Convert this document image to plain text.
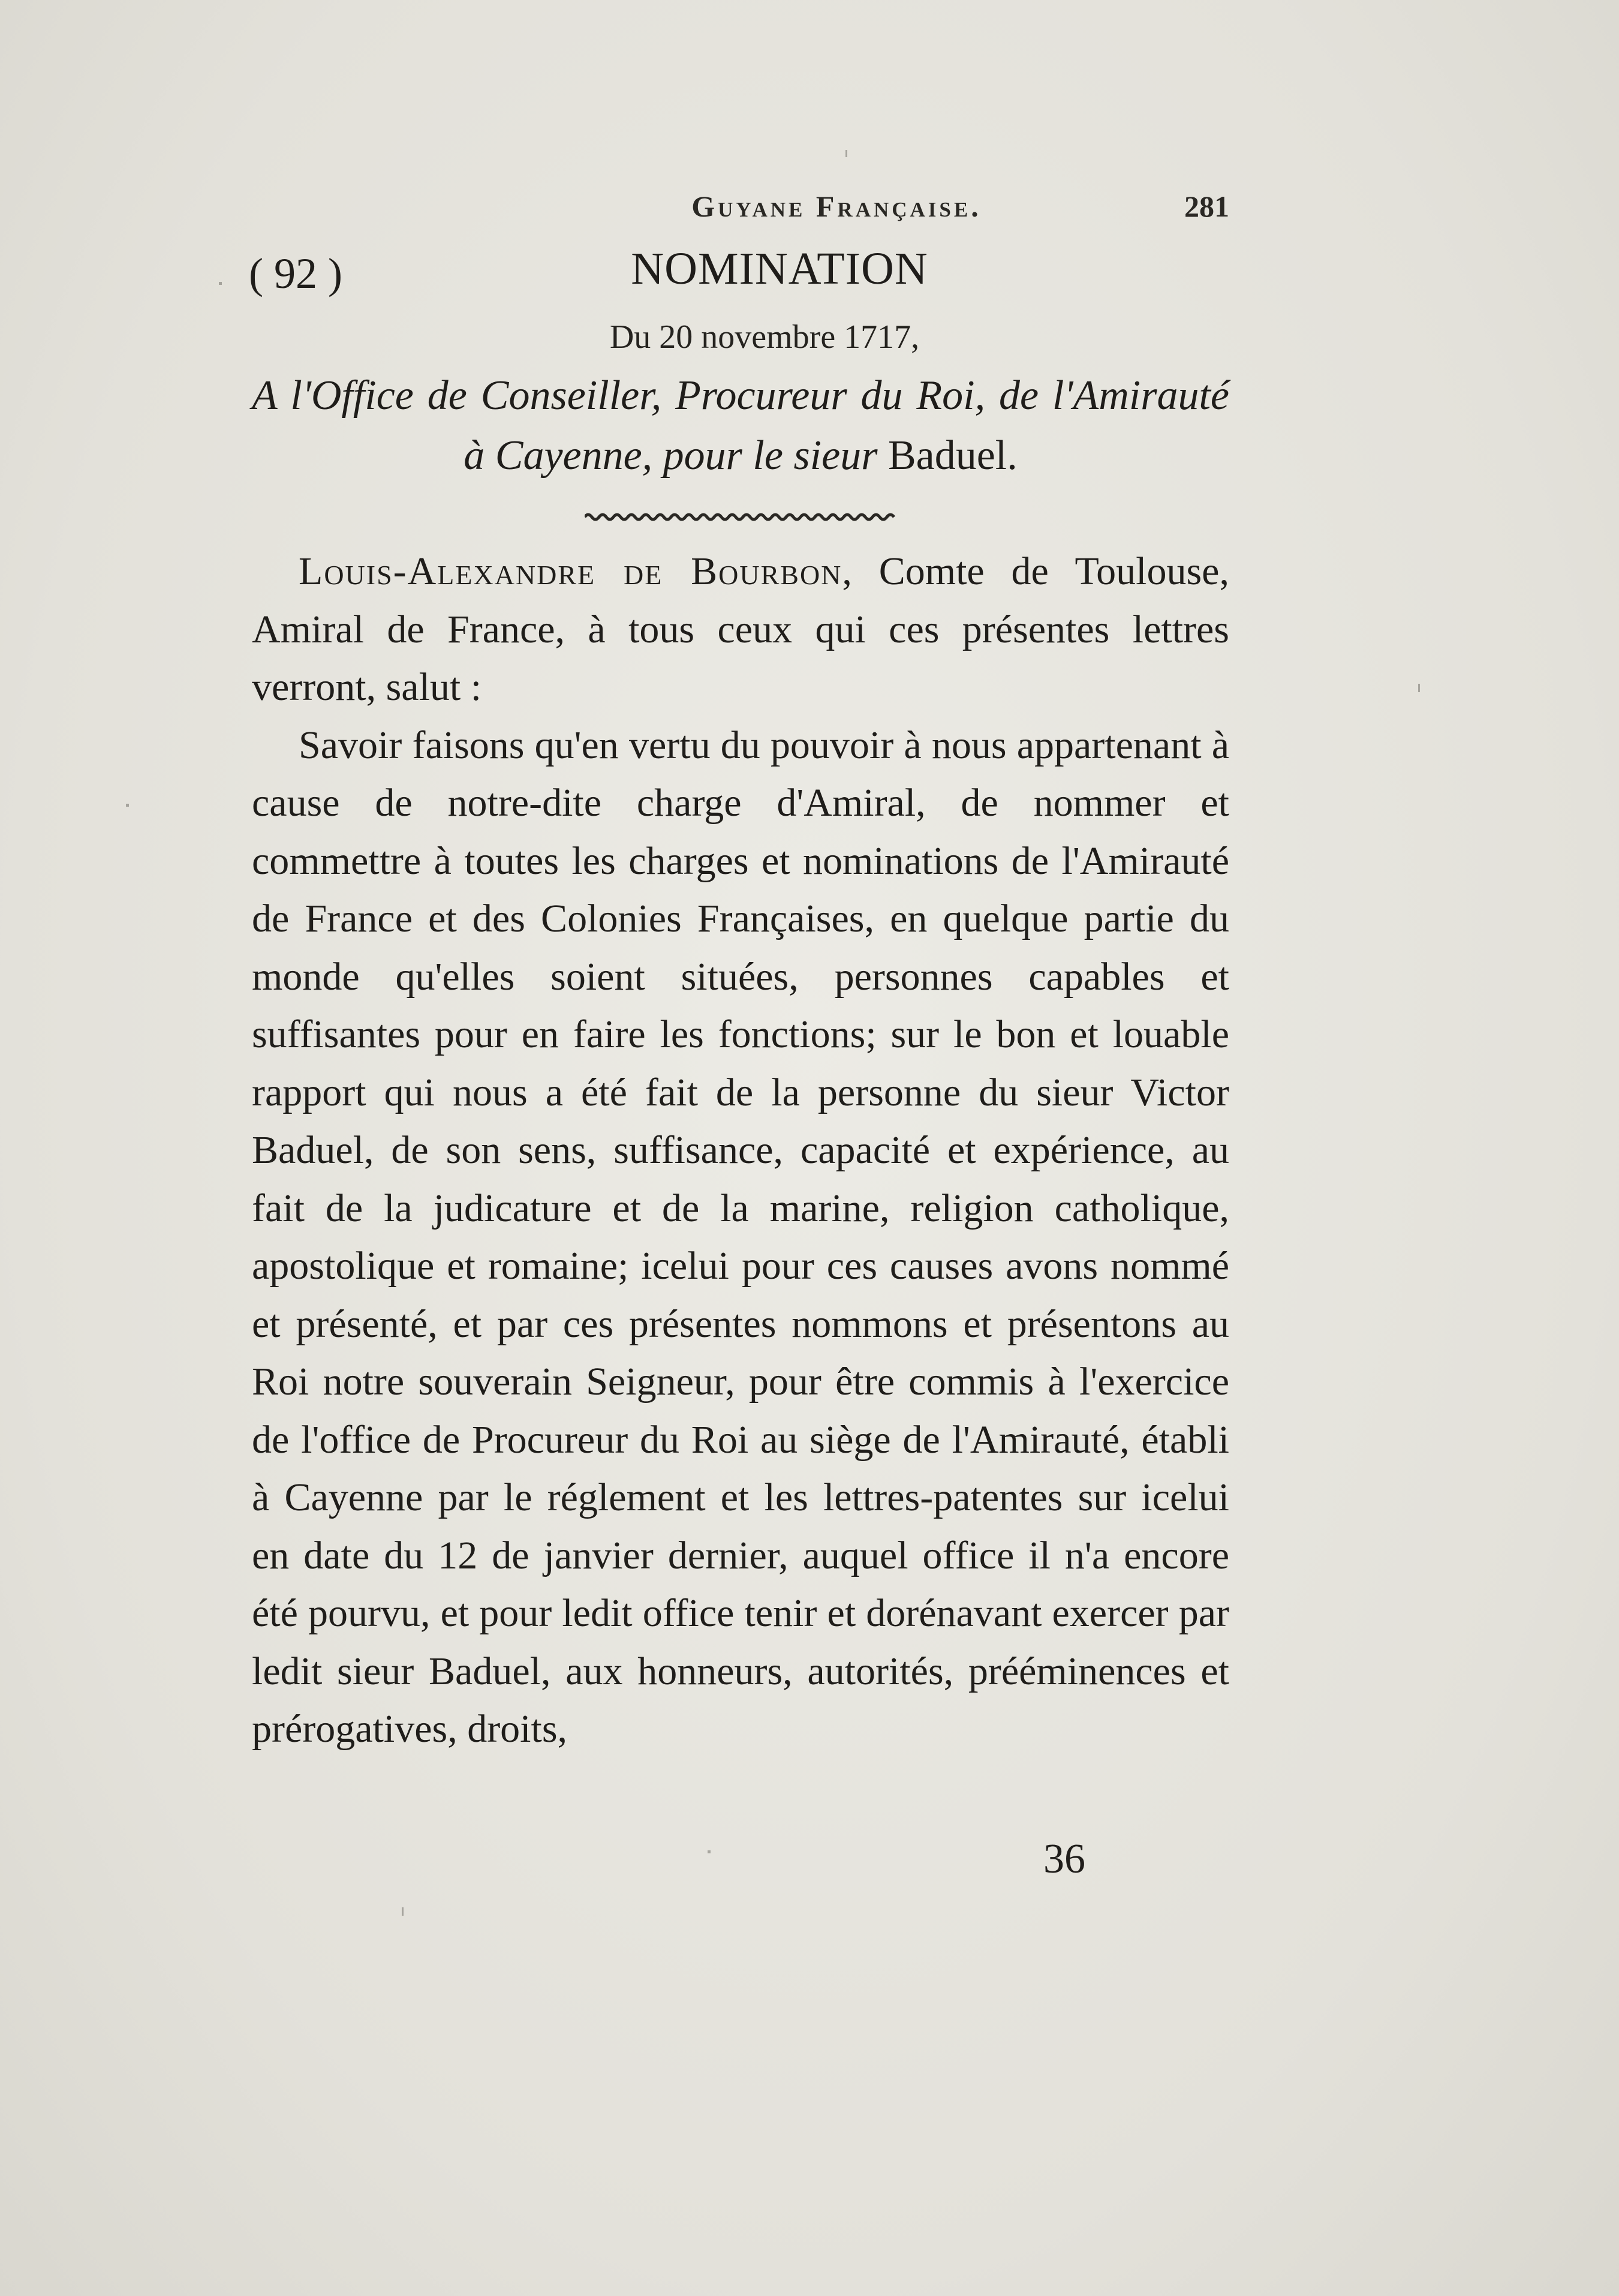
Guyane Française.	281
( 92 )	NOMINATION
Du 20 novembre 1717,
A l'Office de Conseiller, Procureur du Roi, de l'Amirauté à Cayenne, pour le sieur Baduel.

Louis-Alexandre de Bourbon, Comte de Toulouse, Amiral de France, à tous ceux qui ces présentes lettres verront, salut :

Savoir faisons qu'en vertu du pouvoir à nous appartenant à cause de notre-dite charge d'Amiral, de nommer et commettre à toutes les charges et nominations de l'Amirauté de France et des Colonies Françaises, en quelque partie du monde qu'elles soient situées, personnes capables et suffisantes pour en faire les fonctions; sur le bon et louable rapport qui nous a été fait de la personne du sieur Victor Baduel, de son sens, suffisance, capacité et expérience, au fait de la judicature et de la marine, religion catholique, apostolique et romaine; icelui pour ces causes avons nommé et présenté, et par ces présentes nommons et présentons au Roi notre souverain Seigneur, pour être commis à l'exercice de l'office de Procureur du Roi au siège de l'Amirauté, établi à Cayenne par le réglement et les lettres-patentes sur icelui en date du 12 de janvier dernier, auquel office il n'a encore été pourvu, et pour ledit office tenir et dorénavant exercer par ledit sieur Baduel, aux honneurs, autorités, prééminences et prérogatives, droits,

36
